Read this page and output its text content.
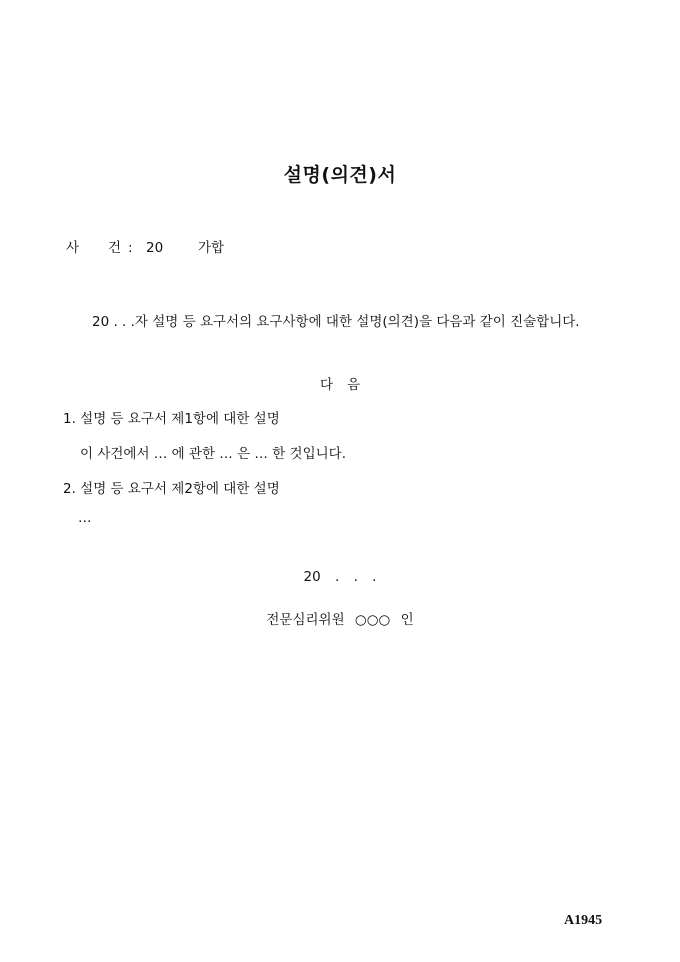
설명(의견)서
사 건 : 20	가합
20 . . .자 설명 등 요구서의 요구사항에 대한 설명(의견)을 다음과 같이 진술합니다.
다음
1. 설명 등 요구서 제1항에 대한 설명
이 사건에서 … 에 관한 … 은 … 한 것입니다.
2. 설명 등 요구서 제2항에 대한 설명
…
20 . . .
전문심리위원 ○○○ 인
A1945
